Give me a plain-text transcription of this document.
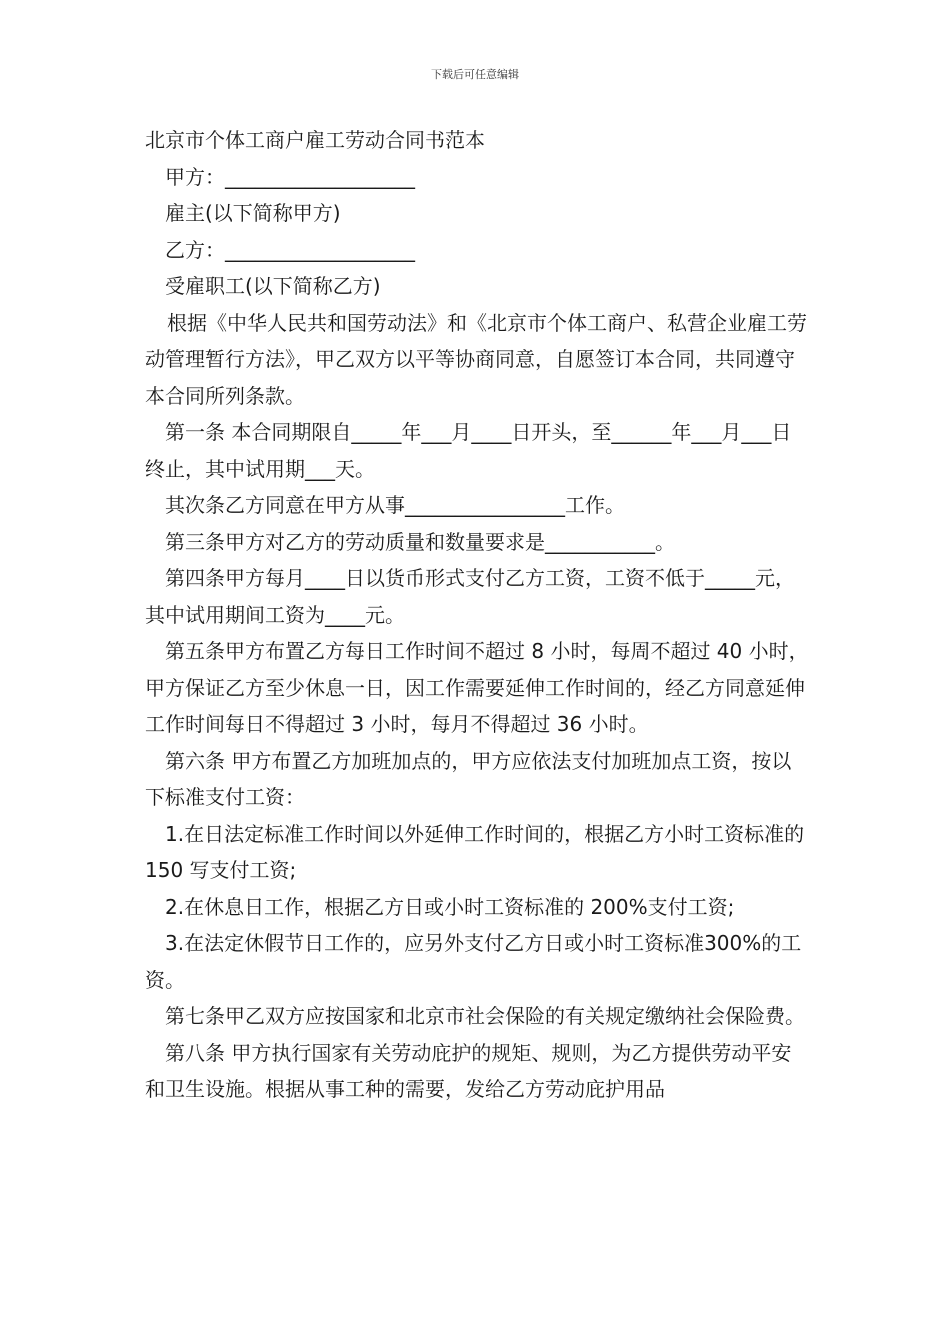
下载后可任意编辑

北京市个体工商户雇工劳动合同书范本

甲方：___________________

雇主(以下简称甲方)

乙方：___________________

受雇职工(以下简称乙方)

根据《中华人民共和国劳动法》和《北京市个体工商户、私营企业雇工劳动管理暂行方法》，甲乙双方以平等协商同意，自愿签订本合同，共同遵守本合同所列条款。

第一条 本合同期限自_____年___月____日开头，至______年___月___日终止，其中试用期___天。

其次条乙方同意在甲方从事________________工作。

第三条甲方对乙方的劳动质量和数量要求是___________。

第四条甲方每月____日以货币形式支付乙方工资，工资不低于_____元，其中试用期间工资为____元。

第五条甲方布置乙方每日工作时间不超过 8 小时，每周不超过 40 小时，甲方保证乙方至少休息一日，因工作需要延伸工作时间的，经乙方同意延伸工作时间每日不得超过 3 小时，每月不得超过 36 小时。

第六条 甲方布置乙方加班加点的，甲方应依法支付加班加点工资，按以下标准支付工资：

1.在日法定标准工作时间以外延伸工作时间的，根据乙方小时工资标准的 150 写支付工资;

2.在休息日工作，根据乙方日或小时工资标准的 200%支付工资;

3.在法定休假节日工作的，应另外支付乙方日或小时工资标准300%的工资。

第七条甲乙双方应按国家和北京市社会保险的有关规定缴纳社会保险费。

第八条 甲方执行国家有关劳动庇护的规矩、规则，为乙方提供劳动平安和卫生设施。根据从事工种的需要，发给乙方劳动庇护用品
